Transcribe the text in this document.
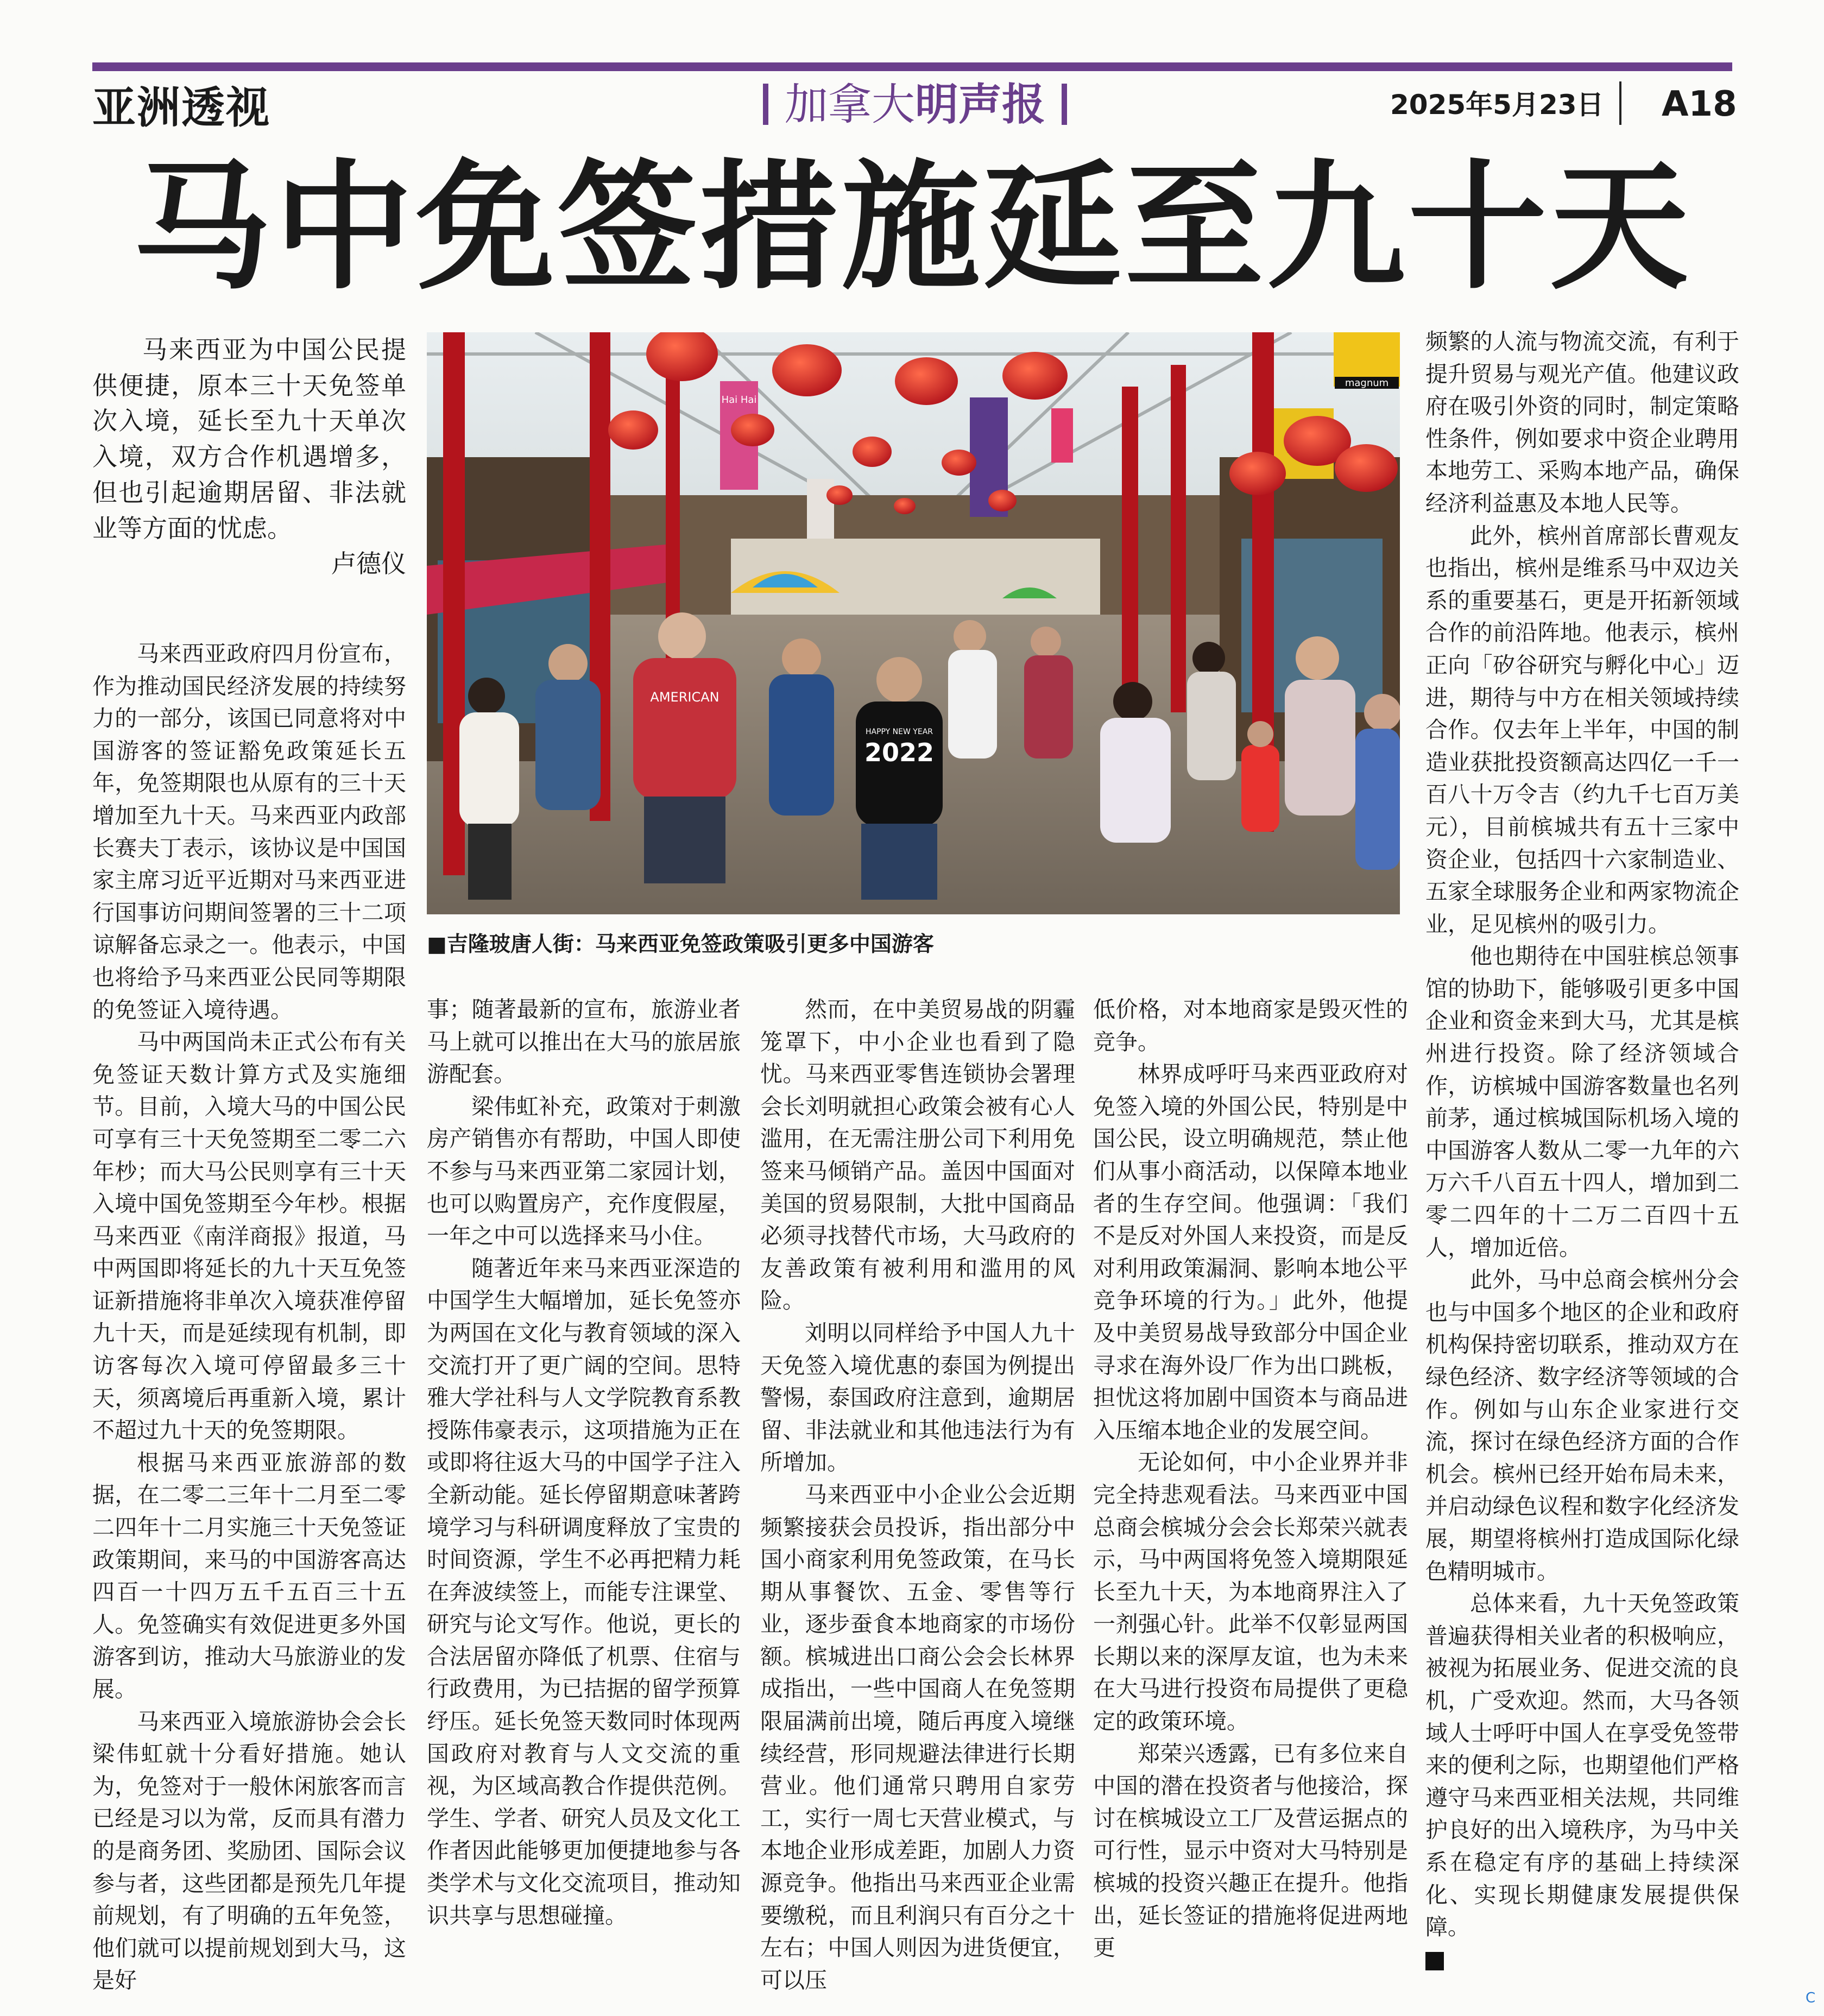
亚洲透视	加拿大明声报	2025年5月23日 A18
马中免签措施延至九十天

马来西亚为中国公民提供便捷，原本三十天免签单次入境，延长至九十天单次入境，双方合作机遇增多，但也引起逾期居留、非法就业等方面的忧虑。
卢德仪

magnum
Hai Hai
AMERICAN
HAPPY NEW YEAR
2022
■吉隆玻唐人街：马来西亚免签政策吸引更多中国游客

马来西亚政府四月份宣布，作为推动国民经济发展的持续努力的一部分，该国已同意将对中国游客的签证豁免政策延长五年，免签期限也从原有的三十天增加至九十天。马来西亚内政部长赛夫丁表示，该协议是中国国家主席习近平近期对马来西亚进行国事访问期间签署的三十二项谅解备忘录之一。他表示，中国也将给予马来西亚公民同等期限的免签证入境待遇。

马中两国尚未正式公布有关免签证天数计算方式及实施细节。目前，入境大马的中国公民可享有三十天免签期至二零二六年杪；而大马公民则享有三十天入境中国免签期至今年杪。根据马来西亚《南洋商报》报道，马中两国即将延长的九十天互免签证新措施将非单次入境获准停留九十天，而是延续现有机制，即访客每次入境可停留最多三十天，须离境后再重新入境，累计不超过九十天的免签期限。

根据马来西亚旅游部的数据，在二零二三年十二月至二零二四年十二月实施三十天免签证政策期间，来马的中国游客高达四百一十四万五千五百三十五人。免签确实有效促进更多外国游客到访，推动大马旅游业的发展。

马来西亚入境旅游协会会长梁伟虹就十分看好措施。她认为，免签对于一般休闲旅客而言已经是习以为常，反而具有潜力的是商务团、奖励团、国际会议参与者，这些团都是预先几年提前规划，有了明确的五年免签，他们就可以提前规划到大马，这是好

事；随著最新的宣布，旅游业者马上就可以推出在大马的旅居旅游配套。

梁伟虹补充，政策对于刺激房产销售亦有帮助，中国人即使不参与马来西亚第二家园计划，也可以购置房产，充作度假屋，一年之中可以选择来马小住。

随著近年来马来西亚深造的中国学生大幅增加，延长免签亦为两国在文化与教育领域的深入交流打开了更广阔的空间。思特雅大学社科与人文学院教育系教授陈伟豪表示，这项措施为正在或即将往返大马的中国学子注入全新动能。延长停留期意味著跨境学习与科研调度释放了宝贵的时间资源，学生不必再把精力耗在奔波续签上，而能专注课堂、研究与论文写作。他说，更长的合法居留亦降低了机票、住宿与行政费用，为已拮据的留学预算纾压。延长免签天数同时体现两国政府对教育与人文交流的重视，为区域高教合作提供范例。学生、学者、研究人员及文化工作者因此能够更加便捷地参与各类学术与文化交流项目，推动知识共享与思想碰撞。

然而，在中美贸易战的阴霾笼罩下，中小企业也看到了隐忧。马来西亚零售连锁协会署理会长刘明就担心政策会被有心人滥用，在无需注册公司下利用免签来马倾销产品。盖因中国面对美国的贸易限制，大批中国商品必须寻找替代市场，大马政府的友善政策有被利用和滥用的风险。

刘明以同样给予中国人九十天免签入境优惠的泰国为例提出警惕，泰国政府注意到，逾期居留、非法就业和其他违法行为有所增加。

马来西亚中小企业公会近期频繁接获会员投诉，指出部分中国小商家利用免签政策，在马长期从事餐饮、五金、零售等行业，逐步蚕食本地商家的市场份额。槟城进出口商公会会长林界成指出，一些中国商人在免签期限届满前出境，随后再度入境继续经营，形同规避法律进行长期营业。他们通常只聘用自家劳工，实行一周七天营业模式，与本地企业形成差距，加剧人力资源竞争。他指出马来西亚企业需要缴税，而且利润只有百分之十左右；中国人则因为进货便宜，可以压

低价格，对本地商家是毁灭性的竞争。

林界成呼吁马来西亚政府对免签入境的外国公民，特别是中国公民，设立明确规范，禁止他们从事小商活动，以保障本地业者的生存空间。他强调：「我们不是反对外国人来投资，而是反对利用政策漏洞、影响本地公平竞争环境的行为。」此外，他提及中美贸易战导致部分中国企业寻求在海外设厂作为出口跳板，担忧这将加剧中国资本与商品进入压缩本地企业的发展空间。

无论如何，中小企业界并非完全持悲观看法。马来西亚中国总商会槟城分会会长郑荣兴就表示，马中两国将免签入境期限延长至九十天，为本地商界注入了一剂强心针。此举不仅彰显两国长期以来的深厚友谊，也为未来在大马进行投资布局提供了更稳定的政策环境。

郑荣兴透露，已有多位来自中国的潜在投资者与他接洽，探讨在槟城设立工厂及营运据点的可行性，显示中资对大马特别是槟城的投资兴趣正在提升。他指出，延长签证的措施将促进两地更

频繁的人流与物流交流，有利于提升贸易与观光产值。他建议政府在吸引外资的同时，制定策略性条件，例如要求中资企业聘用本地劳工、采购本地产品，确保经济利益惠及本地人民等。

此外，槟州首席部长曹观友也指出，槟州是维系马中双边关系的重要基石，更是开拓新领域合作的前沿阵地。他表示，槟州正向「矽谷研究与孵化中心」迈进，期待与中方在相关领域持续合作。仅去年上半年，中国的制造业获批投资额高达四亿一千一百八十万令吉（约九千七百万美元），目前槟城共有五十三家中资企业，包括四十六家制造业、五家全球服务企业和两家物流企业，足见槟州的吸引力。

他也期待在中国驻槟总领事馆的协助下，能够吸引更多中国企业和资金来到大马，尤其是槟州进行投资。除了经济领域合作，访槟城中国游客数量也名列前茅，通过槟城国际机场入境的中国游客人数从二零一九年的六万六千八百五十四人，增加到二零二四年的十二万二百四十五人，增加近倍。

此外，马中总商会槟州分会也与中国多个地区的企业和政府机构保持密切联系，推动双方在绿色经济、数字经济等领域的合作。例如与山东企业家进行交流，探讨在绿色经济方面的合作机会。槟州已经开始布局未来，并启动绿色议程和数字化经济发展，期望将槟州打造成国际化绿色精明城市。

总体来看，九十天免签政策普遍获得相关业者的积极响应，被视为拓展业务、促进交流的良机，广受欢迎。然而，大马各领域人士呼吁中国人在享受免签带来的便利之际，也期望他们严格遵守马来西亚相关法规，共同维护良好的出入境秩序，为马中关系在稳定有序的基础上持续深化、实现长期健康发展提供保障。

C
